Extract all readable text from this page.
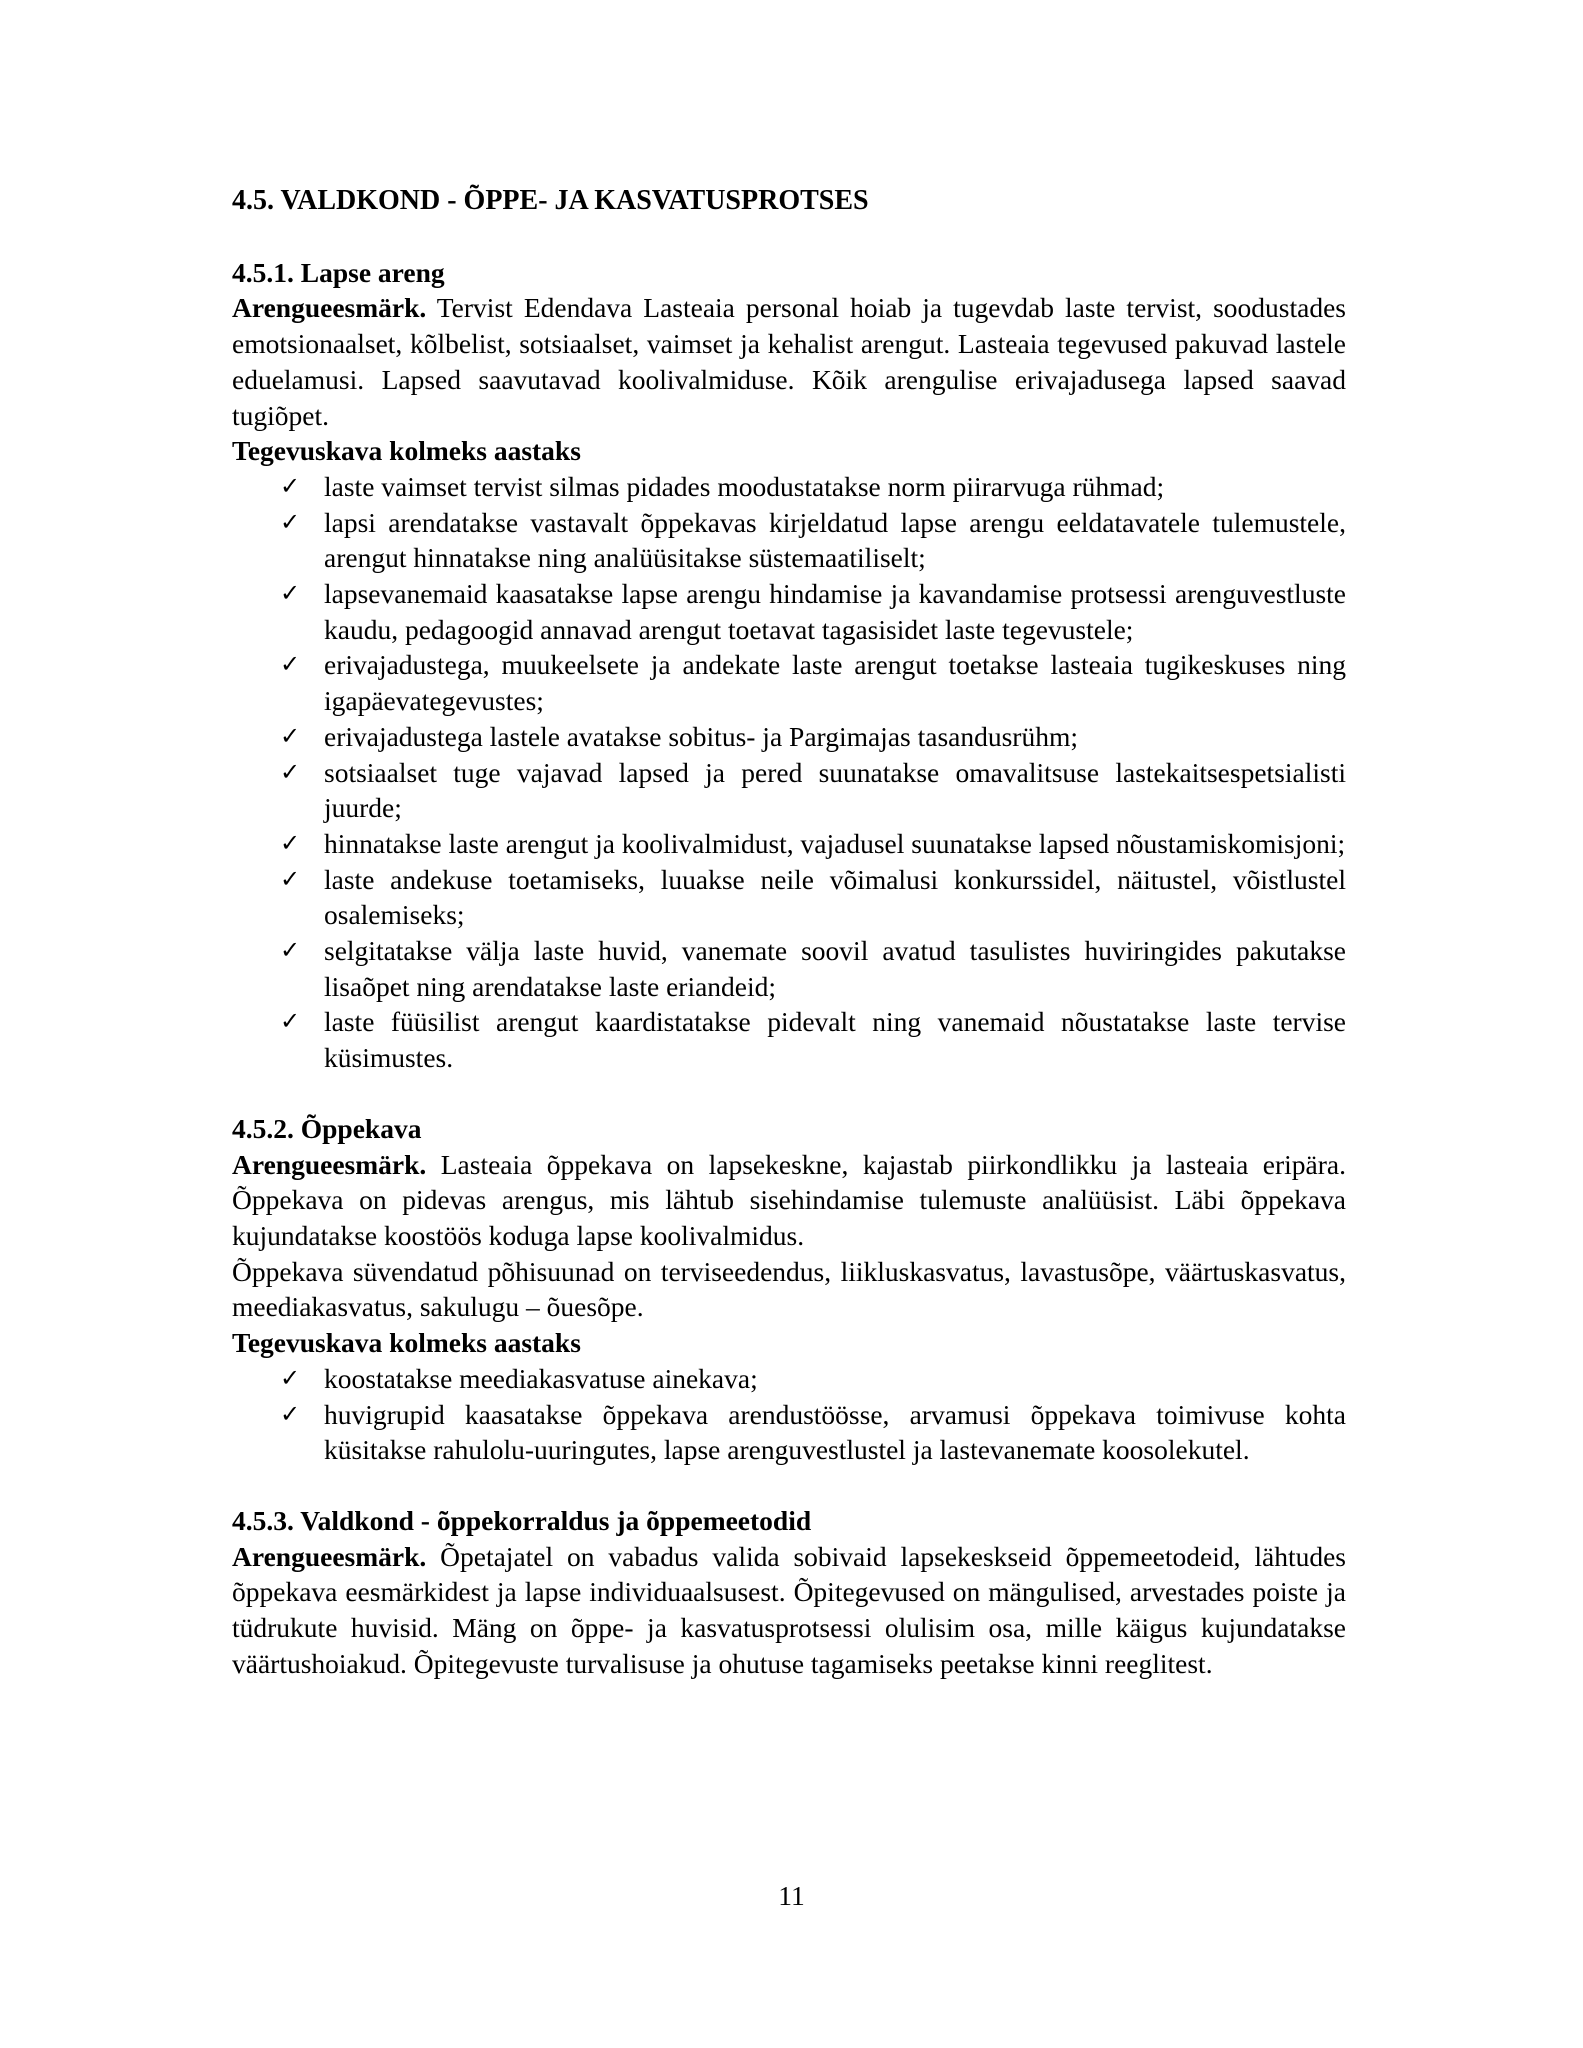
4.5. VALDKOND - ÕPPE- JA KASVATUSPROTSES
4.5.1. Lapse areng

Arengueesmärk. Tervist Edendava Lasteaia personal hoiab ja tugevdab laste tervist, soodustades emotsionaalset, kõlbelist, sotsiaalset, vaimset ja kehalist arengut. Lasteaia tegevused pakuvad lastele eduelamusi. Lapsed saavutavad koolivalmiduse. Kõik arengulise erivajadusega lapsed saavad tugiõpet.

Tegevuskava kolmeks aastaks
✓ laste vaimset tervist silmas pidades moodustatakse norm piirarvuga rühmad;
✓ lapsi arendatakse vastavalt õppekavas kirjeldatud lapse arengu eeldatavatele tulemustele, arengut hinnatakse ning analüüsitakse süstemaatiliselt;
✓ lapsevanemaid kaasatakse lapse arengu hindamise ja kavandamise protsessi arenguvestluste kaudu, pedagoogid annavad arengut toetavat tagasisidet laste tegevustele;
✓ erivajadustega, muukeelsete ja andekate laste arengut toetakse lasteaia tugikeskuses ning igapäevategevustes;
✓ erivajadustega lastele avatakse sobitus- ja Pargimajas tasandusrühm;
✓ sotsiaalset tuge vajavad lapsed ja pered suunatakse omavalitsuse lastekaitsespetsialisti juurde;
✓ hinnatakse laste arengut ja koolivalmidust, vajadusel suunatakse lapsed nõustamiskomisjoni;
✓ laste andekuse toetamiseks, luuakse neile võimalusi konkurssidel, näitustel, võistlustel osalemiseks;
✓ selgitatakse välja laste huvid, vanemate soovil avatud tasulistes huviringides pakutakse lisaõpet ning arendatakse laste eriandeid;
✓ laste füüsilist arengut kaardistatakse pidevalt ning vanemaid nõustatakse laste tervise küsimustes.
4.5.2. Õppekava

Arengueesmärk. Lasteaia õppekava on lapsekeskne, kajastab piirkondlikku ja lasteaia eripära. Õppekava on pidevas arengus, mis lähtub sisehindamise tulemuste analüüsist. Läbi õppekava kujundatakse koostöös koduga lapse koolivalmidus.

Õppekava süvendatud põhisuunad on terviseedendus, liikluskasvatus, lavastusõpe, väärtuskasvatus, meediakasvatus, sakulugu – õuesõpe.

Tegevuskava kolmeks aastaks
✓ koostatakse meediakasvatuse ainekava;
✓ huvigrupid kaasatakse õppekava arendustöösse, arvamusi õppekava toimivuse kohta küsitakse rahulolu-uuringutes, lapse arenguvestlustel ja lastevanemate koosolekutel.
4.5.3. Valdkond - õppekorraldus ja õppemeetodid

Arengueesmärk. Õpetajatel on vabadus valida sobivaid lapsekeskseid õppemeetodeid, lähtudes õppekava eesmärkidest ja lapse individuaalsusest. Õpitegevused on mängulised, arvestades poiste ja tüdrukute huvisid. Mäng on õppe- ja kasvatusprotsessi olulisim osa, mille käigus kujundatakse väärtushoiakud. Õpitegevuste turvalisuse ja ohutuse tagamiseks peetakse kinni reeglitest.

11
